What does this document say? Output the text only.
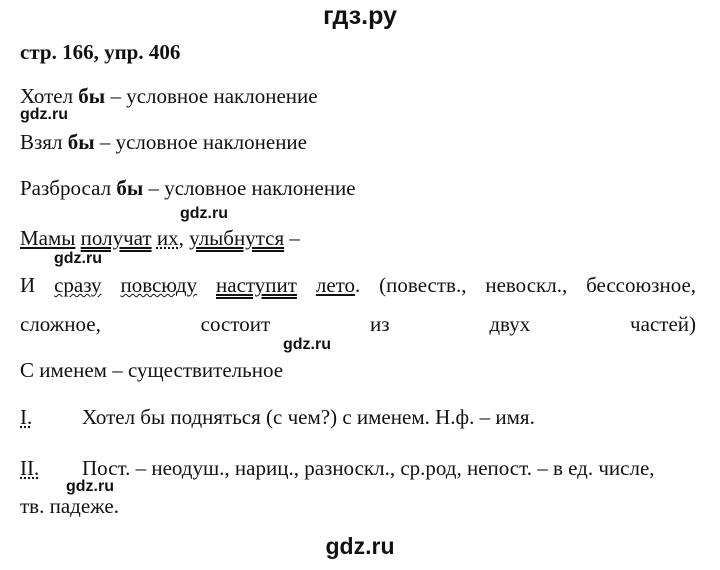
гдз.ру
стр. 166, упр. 406
Хотел бы – условное наклонение
gdz.ru
Взял бы – условное наклонение
Разбросал бы – условное наклонение
gdz.ru
Мамы получат их, улыбнутся –
gdz.ru
И сразу повсюду наступит лето. (повеств., невоскл., бессоюзное,
сложное, состоит из двух частей)
gdz.ru
С именем – существительное
I. Хотел бы подняться (с чем?) с именем. Н.ф. – имя.
II. Пост. – неодуш., нариц., разноскл., ср.род, непост. – в ед. числе,
gdz.ru
тв. падеже.
gdz.ru
